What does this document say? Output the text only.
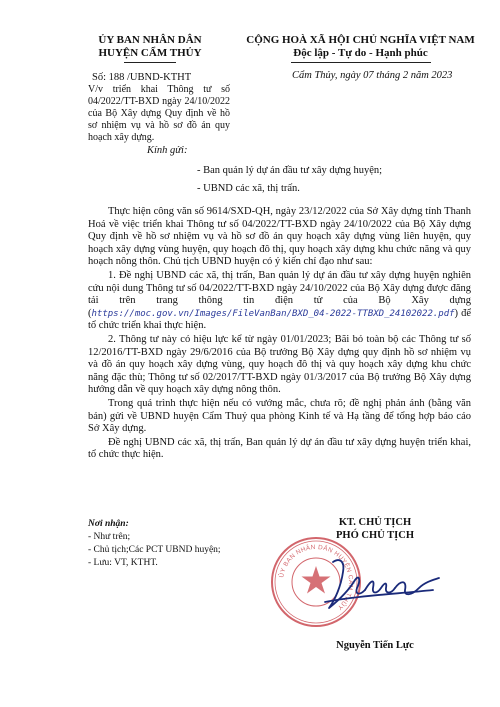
ỦY BAN NHÂN DÂN
HUYỆN CẨM THỦY
CỘNG HOÀ XÃ HỘI CHỦ NGHĨA VIỆT NAM
Độc lập - Tự do - Hạnh phúc
Số: 188 /UBND-KTHT	Cẩm Thủy, ngày 07 tháng 2 năm 2023
V/v triển khai Thông tư số 04/2022/TT-BXD ngày 24/10/2022 của Bộ Xây dựng Quy định về hồ sơ nhiệm vụ và hồ sơ đồ án quy hoạch xây dựng.
Kính gửi:
- Ban quản lý dự án đầu tư xây dựng huyện;
- UBND các xã, thị trấn.

Thực hiện công văn số 9614/SXD-QH, ngày 23/12/2022 của Sở Xây dựng tỉnh Thanh Hoá về việc triển khai Thông tư số 04/2022/TT-BXD ngày 24/10/2022 của Bộ Xây dựng Quy định về hồ sơ nhiệm vụ và hồ sơ đồ án quy hoạch xây dựng vùng liên huyện, quy hoạch xây dựng vùng huyện, quy hoạch đô thị, quy hoạch xây dựng khu chức năng và quy hoạch nông thôn. Chủ tịch UBND huyện có ý kiến chỉ đạo như sau:

1. Đề nghị UBND các xã, thị trấn, Ban quản lý dự án đầu tư xây dựng huyện nghiên cứu nội dung Thông tư số 04/2022/TT-BXD ngày 24/10/2022 của Bộ Xây dựng được đăng tải trên trang thông tin điện tử của Bộ Xây dựng (https://moc.gov.vn/Images/FileVanBan/BXD_04-2022-TTBXD_24102022.pdf) để tổ chức triển khai thực hiện.

2. Thông tư này có hiệu lực kể từ ngày 01/01/2023; Bãi bỏ toàn bộ các Thông tư số 12/2016/TT-BXD ngày 29/6/2016 của Bộ trưởng Bộ Xây dựng quy định hồ sơ nhiệm vụ và đồ án quy hoạch xây dựng vùng, quy hoạch đô thị và quy hoạch xây dựng khu chức năng đặc thù; Thông tư số 02/2017/TT-BXD ngày 01/3/2017 của Bộ trưởng Bộ Xây dựng hướng dẫn về quy hoạch xây dựng nông thôn.

Trong quá trình thực hiện nếu có vướng mắc, chưa rõ; đề nghị phản ánh (bằng văn bản) gửi về UBND huyện Cẩm Thuỷ qua phòng Kinh tế và Hạ tầng để tổng hợp báo cáo Sở Xây dựng.

Đề nghị UBND các xã, thị trấn, Ban quản lý dự án đầu tư xây dựng huyện triển khai, tổ chức thực hiện.

Nơi nhận:
- Như trên;
- Chủ tịch;Các PCT UBND huyện;
- Lưu: VT, KTHT.
KT. CHỦ TỊCH
PHÓ CHỦ TỊCH
ỦY BAN NHÂN DÂN HUYỆN CẨM THỦY
Nguyễn Tiến Lực
